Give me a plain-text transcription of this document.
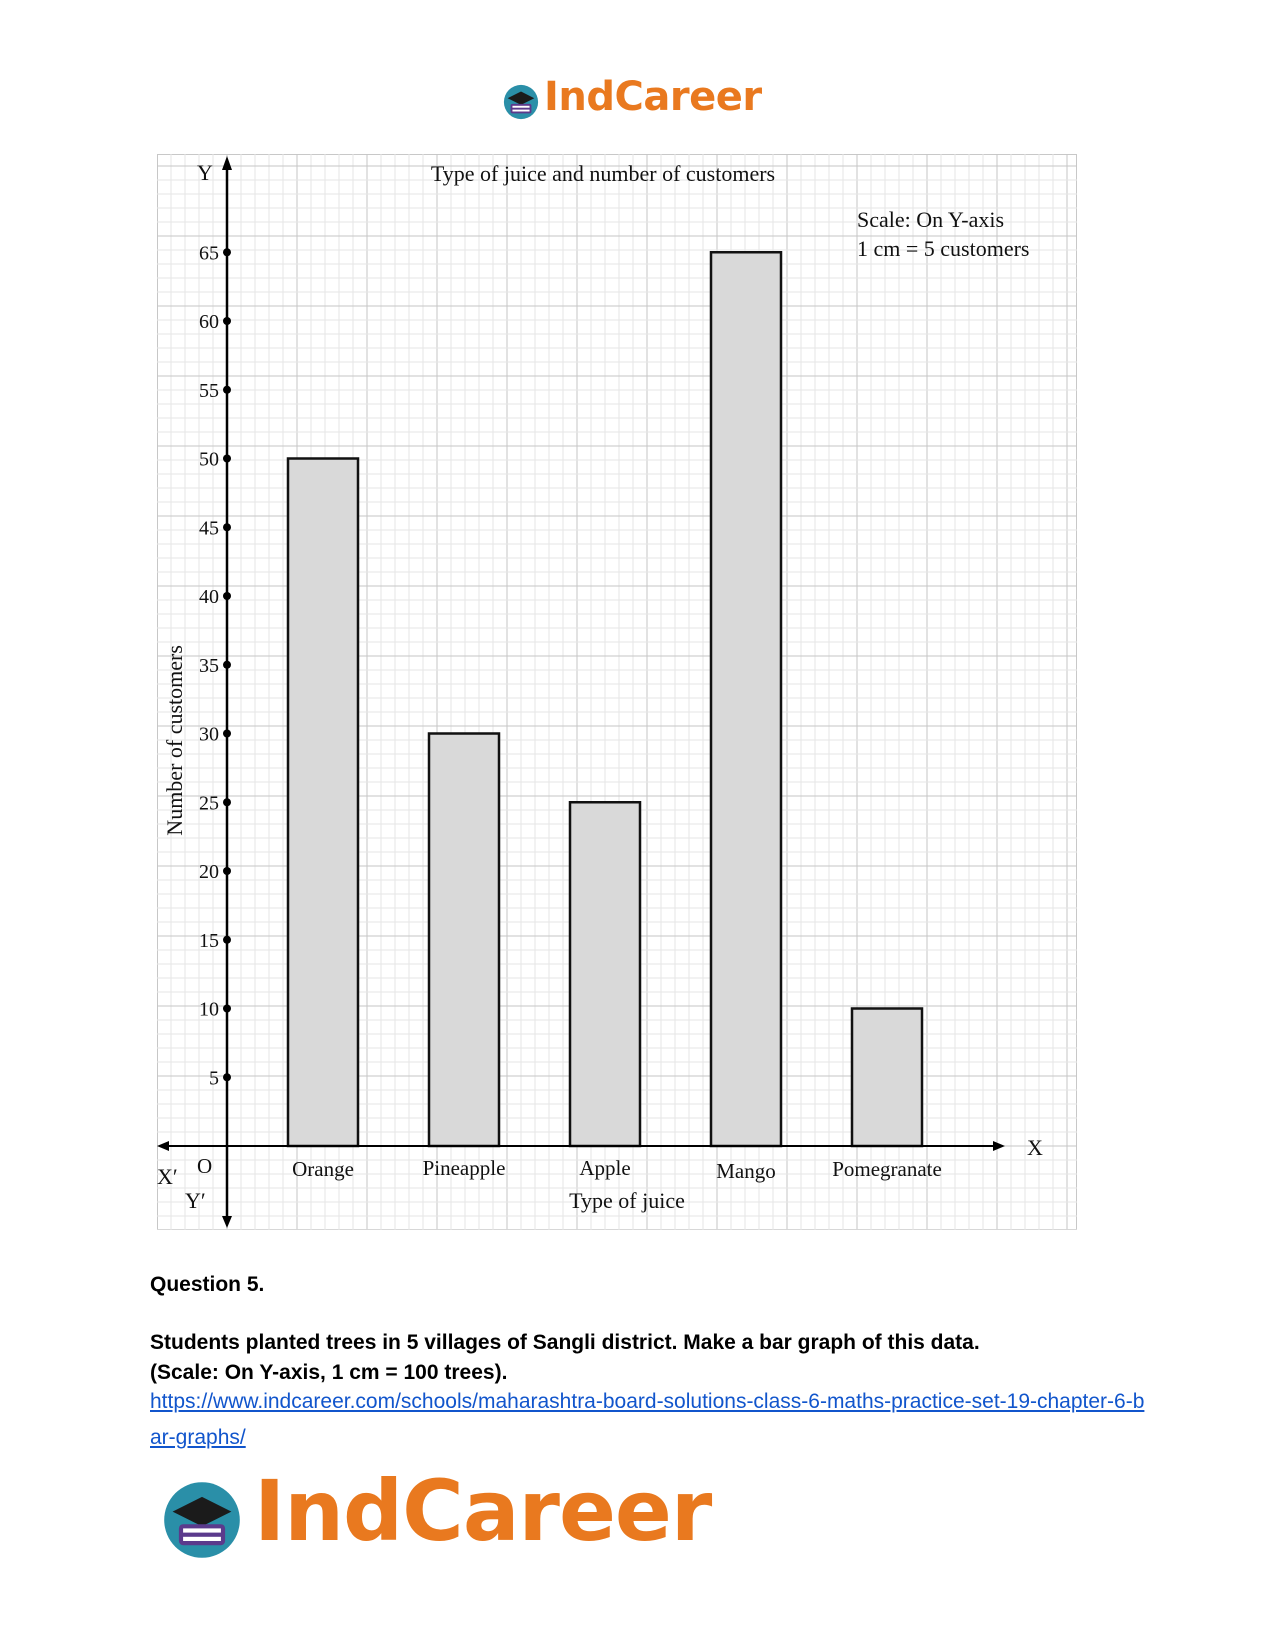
IndCareer
5
10
15
20
25
30
35
40
45
50
55
60
65
Orange	Pineapple	Apple	Mango	Pomegranate
Y
X
X′
Y′
O
Type of juice and number of customers
Type of juice
Number of customers
Scale: On Y-axis
1 cm = 5 customers
Question 5.
Students planted trees in 5 villages of Sangli district. Make a bar graph of this data.
(Scale: On Y-axis, 1 cm = 100 trees).
https://www.indcareer.com/schools/maharashtra-board-solutions-class-6-maths-practice-set-19-chapter-6-bar-graphs/
IndCareer
